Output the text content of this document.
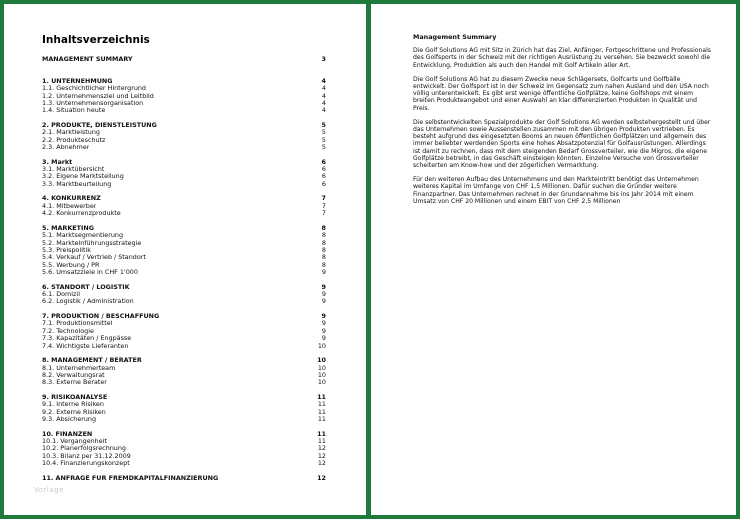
Inhaltsverzeichnis
MANAGEMENT SUMMARY	3
1. UNTERNEHMUNG	4
1.1. Geschichtlicher Hintergrund	4
1.2. Unternehmensziel und Leitbild	4
1.3. Unternehmensorganisation	4
1.4. Situation heute	4
2. PRODUKTE, DIENSTLEISTUNG	5
2.1. Marktleistung	5
2.2. Produkteschutz	5
2.3. Abnehmer	5
3. Markt	6
3.1. Marktübersicht	6
3.2. Eigene Marktstellung	6
3.3. Marktbeurteilung	6
4. KONKURRENZ	7
4.1. Mitbewerber	7
4.2. Konkurrenzprodukte	7
5. MARKETING	8
5.1. Marktsegmentierung	8
5.2. Markteinführungsstrategie	8
5.3. Preispolitik	8
5.4. Verkauf / Vertrieb / Standort	8
5.5. Werbung / PR	8
5.6. Umsatzziele in CHF 1'000	9
6. STANDORT / LOGISTIK	9
6.1. Domizil	9
6.2. Logistik / Administration	9
7. PRODUKTION / BESCHAFFUNG	9
7.1. Produktionsmittel	9
7.2. Technologie	9
7.3. Kapazitäten / Engpässe	9
7.4. Wichtigste Lieferanten	10
8. MANAGEMENT / BERATER	10
8.1. Unternehmerteam	10
8.2. Verwaltungsrat	10
8.3. Externe Berater	10
9. RISIKOANALYSE	11
9.1. Interne Risiken	11
9.2. Externe Risiken	11
9.3. Absicherung	11
10. FINANZEN	11
10.1. Vergangenheit	11
10.2. Planerfolgsrechnung	12
10.3. Bilanz per 31.12.2009	12
10.4. Finanzierungskonzept	12
11. ANFRAGE FÜR FREMDKAPITALFINANZIERUNG	12
Vorlage
Management Summary

Die Golf Solutions AG mit Sitz in Zürich hat das Ziel, Anfänger, Fortgeschrittene und Professionals des Golfsports in der Schweiz mit der richtigen Ausrüstung zu versehen. Sie bezweckt sowohl die Entwicklung, Produktion als auch den Handel mit Golf Artikeln aller Art.

Die Golf Solutions AG hat zu diesem Zwecke neue Schlägersets, Golfcarts und Golfbälle entwickelt. Der Golfsport ist in der Schweiz im Gegensatz zum nahen Ausland und den USA noch völlig unterentwickelt. Es gibt erst wenige öffentliche Golfplätze, keine Golfshops mit einem breiten Produkteangebot und einer Auswahl an klar differenzierten Produkten in Qualität und Preis.

Die selbstentwickelten Spezialprodukte der Golf Solutions AG werden selbstehergestellt und über das Unternehmen sowie Aussenstellen zusammen mit den übrigen Produkten vertrieben. Es besteht aufgrund des eingesetzten Booms an neuen öffentlichen Golfplätzen und allgemein des immer beliebter werdenden Sports eine hohes Absatzpotenzial für Golfausrüstungen. Allerdings ist damit zu rechnen, dass mit dem steigenden Bedarf Grossverteiler, wie die Migros, die eigene Golfplätze betreibt, in das Geschäft einsteigen könnten. Einzelne Versuche von Grossverteiler scheiterten am Know-how und der zögerlichen Vermarktung.

Für den weiteren Aufbau des Unternehmens und den Markteintritt benötigt das Unternehmen weiteres Kapital im Umfange von CHF 1,5 Millionen. Dafür suchen die Gründer weitere Finanzpartner. Das Unternehmen rechnet in der Grundannahme bis ins Jahr 2014 mit einem Umsatz von CHF 20 Millionen und einem EBIT von CHF 2,5 Millionen
